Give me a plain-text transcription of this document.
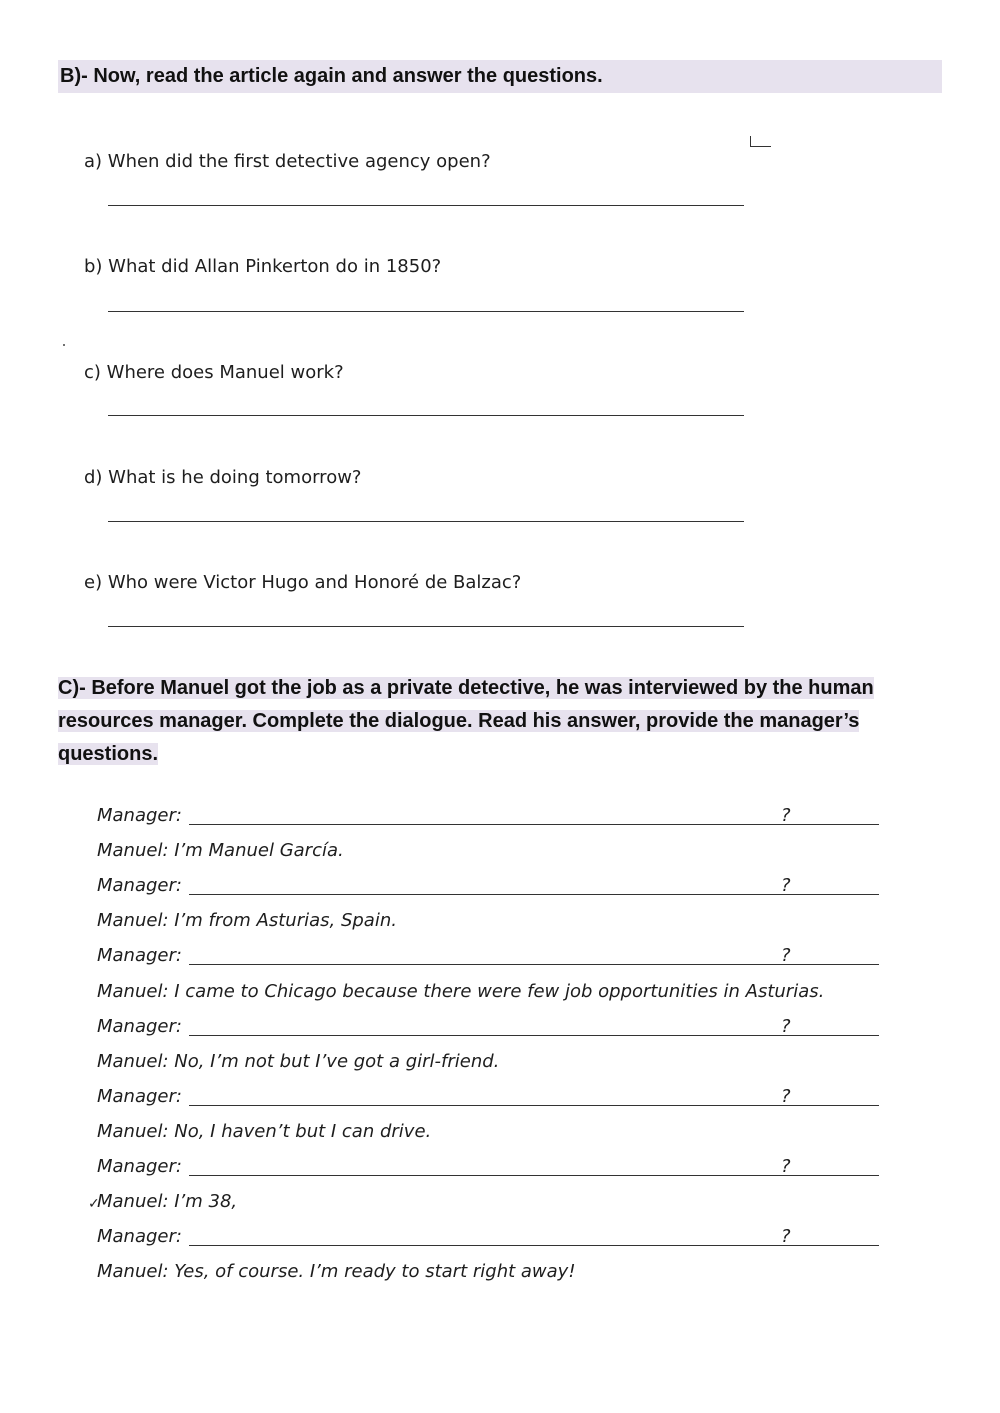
B)- Now, read the article again and answer the questions.
a) When did the first detective agency open?
b) What did Allan Pinkerton do in 1850?
c) Where does Manuel work?
d) What is he doing tomorrow?
e) Who were Victor Hugo and Honoré de Balzac?
C)- Before Manuel got the job as a private detective, he was interviewed by the human
resources manager. Complete the dialogue. Read his answer, provide the manager’s
questions.
Manager:	?
Manuel: I’m Manuel García.
Manager:	?
Manuel: I’m from Asturias, Spain.
Manager:	?
Manuel: I came to Chicago because there were few job opportunities in Asturias.
Manager:	?
Manuel: No, I’m not but I’ve got a girl-friend.
Manager:	?
Manuel: No, I haven’t but I can drive.
Manager:	?
Manuel: I’m 38,
Manager:	?
Manuel: Yes, of course. I’m ready to start right away!
✓
